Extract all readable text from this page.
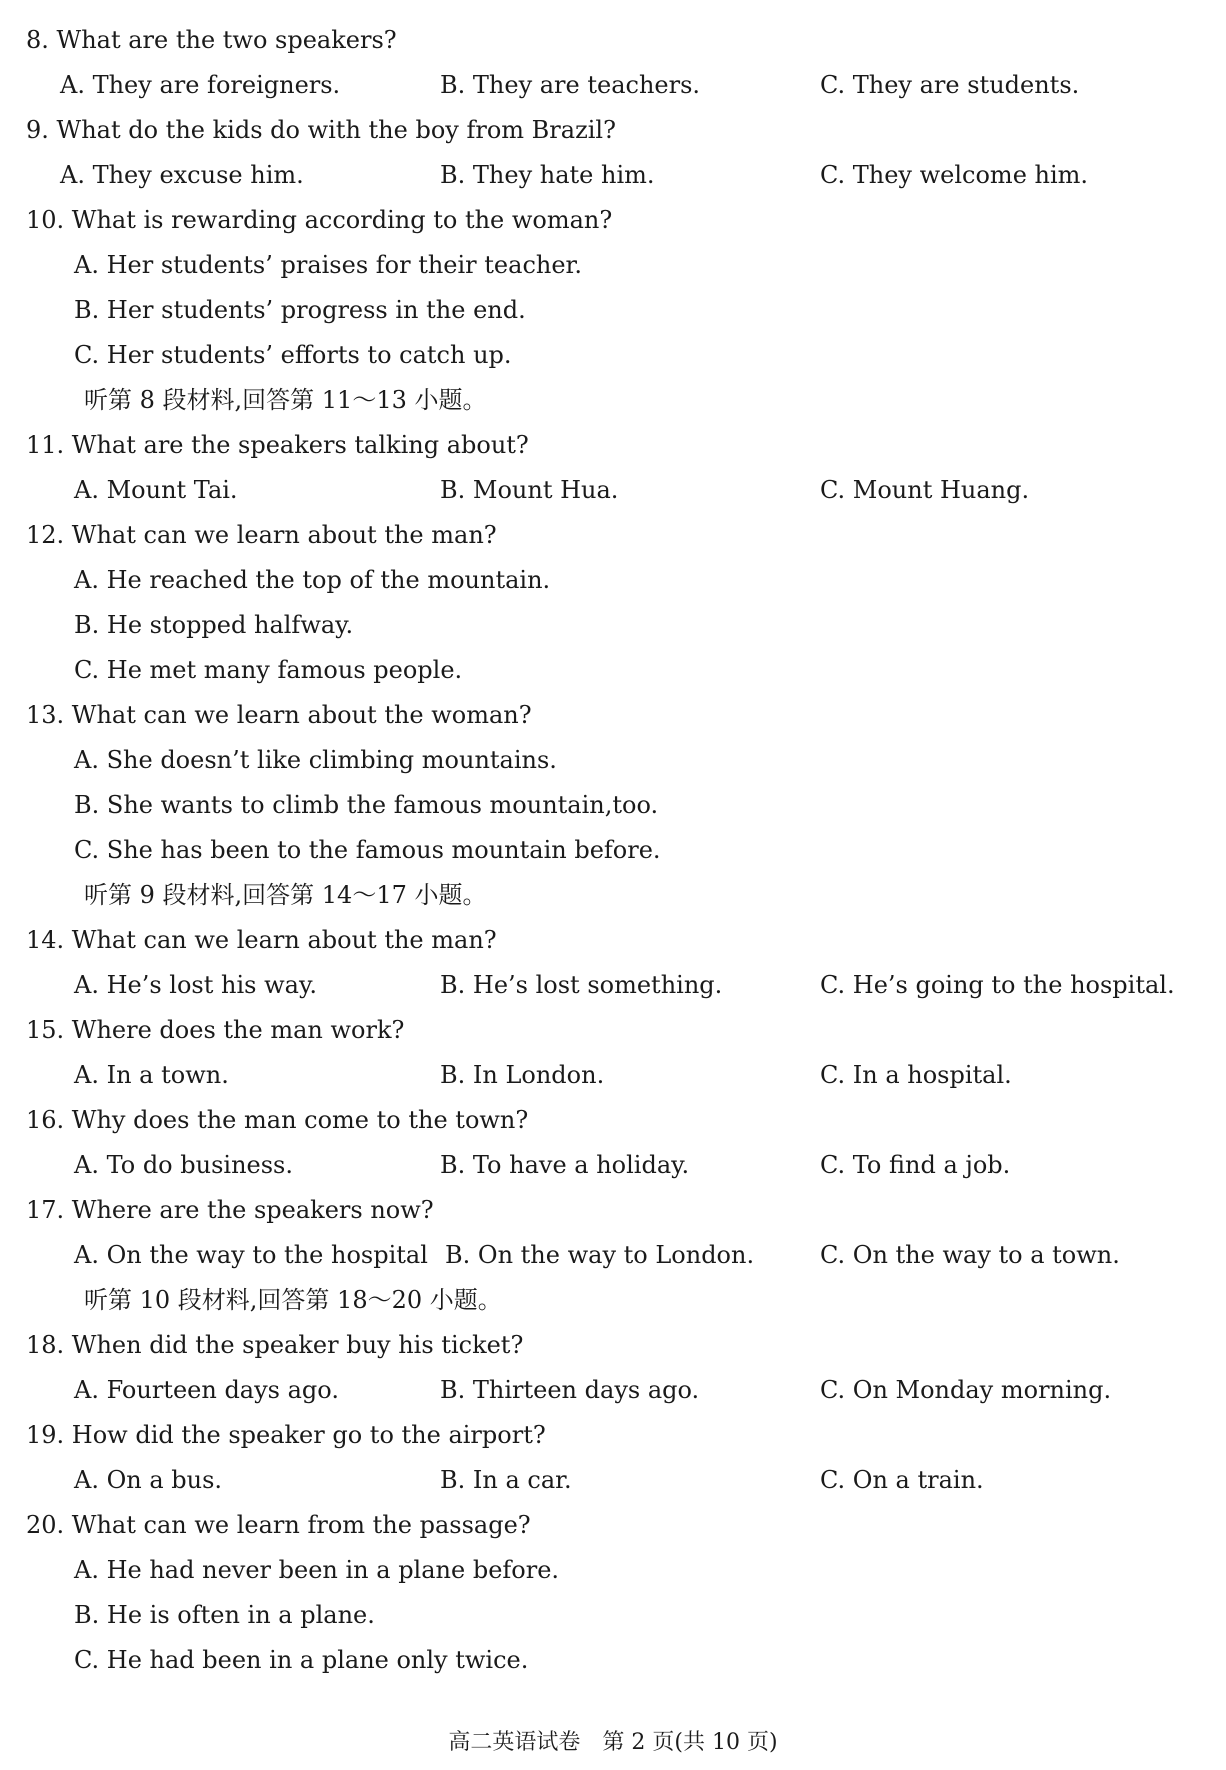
8. What are the two speakers?
A. They are foreigners.	B. They are teachers.	C. They are students.
9. What do the kids do with the boy from Brazil?
A. They excuse him.	B. They hate him.	C. They welcome him.
10. What is rewarding according to the woman?
A. Her students’ praises for their teacher.
B. Her students’ progress in the end.
C. Her students’ efforts to catch up.
听第 8 段材料,回答第 11～13 小题。
11. What are the speakers talking about?
A. Mount Tai.	B. Mount Hua.	C. Mount Huang.
12. What can we learn about the man?
A. He reached the top of the mountain.
B. He stopped halfway.
C. He met many famous people.
13. What can we learn about the woman?
A. She doesn’t like climbing mountains.
B. She wants to climb the famous mountain,too.
C. She has been to the famous mountain before.
听第 9 段材料,回答第 14～17 小题。
14. What can we learn about the man?
A. He’s lost his way.	B. He’s lost something.	C. He’s going to the hospital.
15. Where does the man work?
A. In a town.	B. In London.	C. In a hospital.
16. Why does the man come to the town?
A. To do business.	B. To have a holiday.	C. To find a job.
17. Where are the speakers now?
A. On the way to the hospital B. On the way to London.	C. On the way to a town.
听第 10 段材料,回答第 18～20 小题。
18. When did the speaker buy his ticket?
A. Fourteen days ago.	B. Thirteen days ago.	C. On Monday morning.
19. How did the speaker go to the airport?
A. On a bus.	B. In a car.	C. On a train.
20. What can we learn from the passage?
A. He had never been in a plane before.
B. He is often in a plane.
C. He had been in a plane only twice.
高二英语试卷　第 2 页(共 10 页)
